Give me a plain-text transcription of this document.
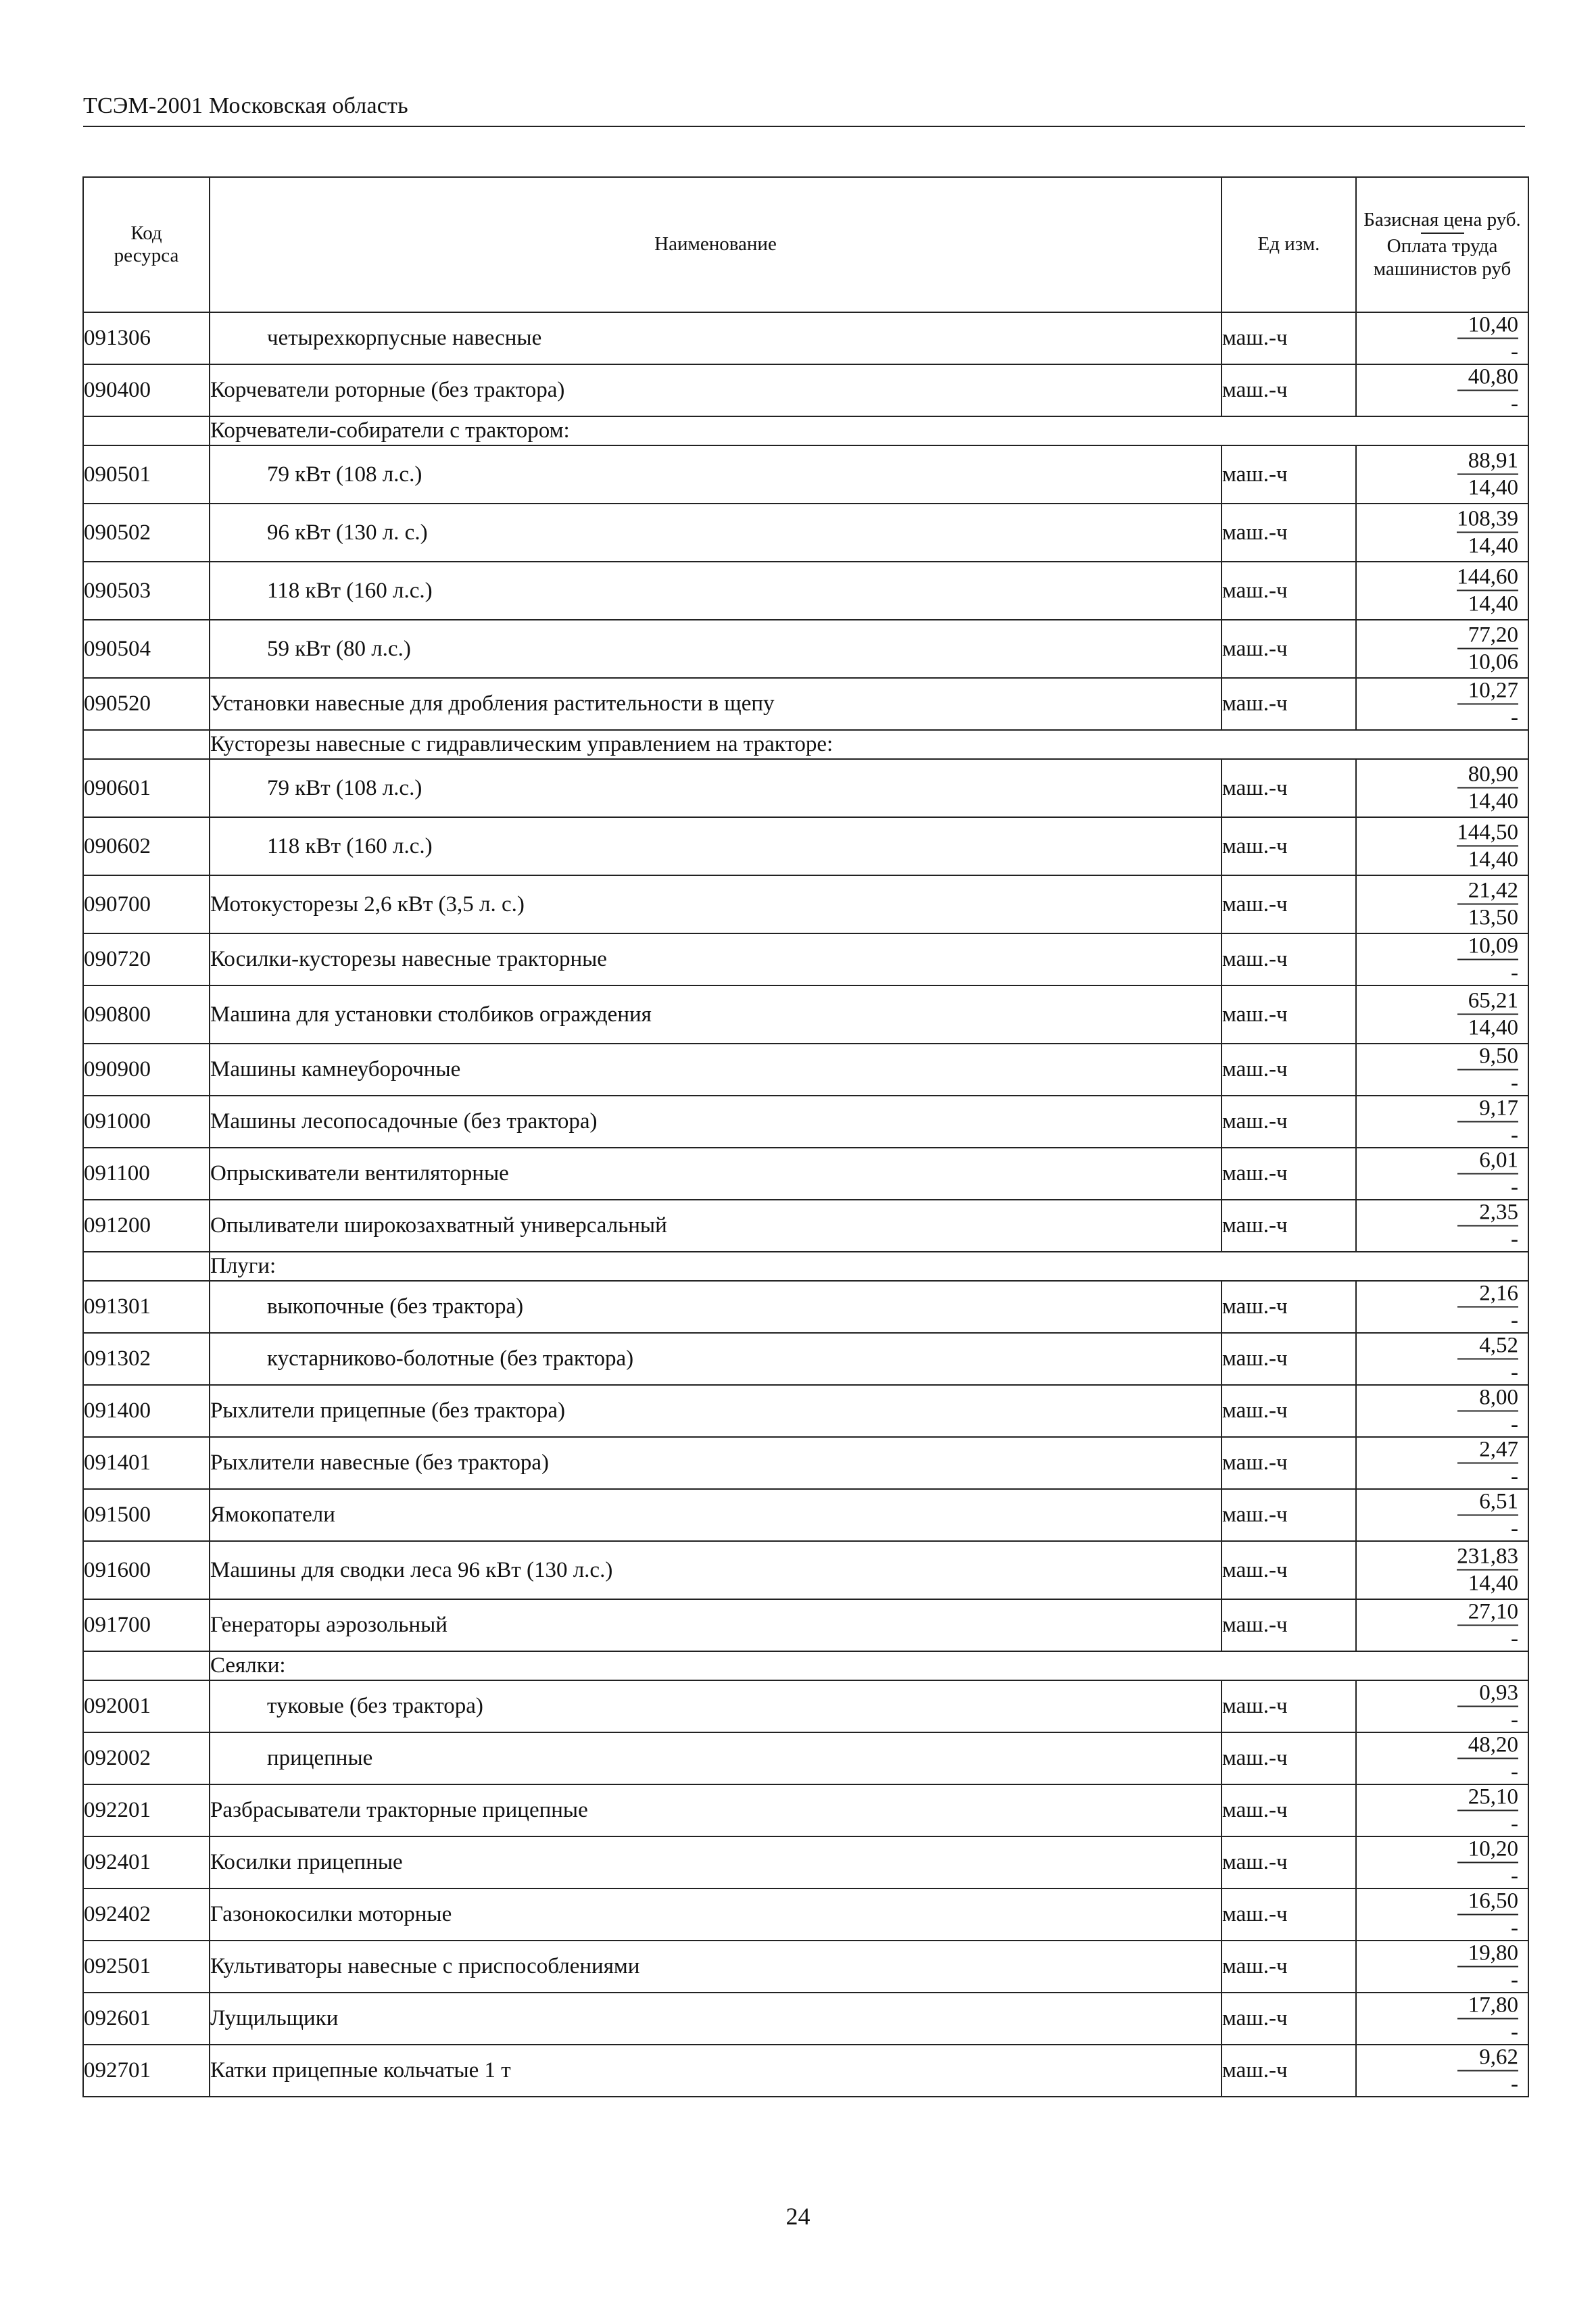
ТСЭМ-2001 Московская область
Код ресурса	Наименование	Ед изм.	Базисная цена руб.
Оплата труда машинистов руб

091306	четырехкорпусные навесные	маш.-ч	10,40
-

090400	Корчеватели роторные (без трактора)	маш.-ч	40,80
-

	Корчеватели-собиратели с трактором:		
090501	79 кВт (108 л.с.)	маш.-ч	$\frac{88,91}{14,40}$

090502	96 кВт (130 л. с.)	маш.-ч	$\frac{108,39}{14,40}$

090503	118 кВт (160 л.с.)	маш.-ч	$\frac{144,60}{14,40}$

090504	59 кВт (80 л.с.)	маш.-ч	$\frac{77,20}{10,06}$

090520	Установки навесные для дробления растительности в щепу	маш.-ч	10,27
-

	Кусторезы навесные с гидравлическим управлением на тракторе:		
090601	79 кВт (108 л.с.)	маш.-ч	$\frac{80,90}{14,40}$

090602	118 кВт (160 л.с.)	маш.-ч	$\frac{144,50}{14,40}$

090700	Мотокусторезы 2,6 кВт (3,5 л. с.)	маш.-ч	$\frac{21,42}{13,50}$

090720	Косилки-кусторезы навесные тракторные	маш.-ч	10,09
-

090800	Машина для установки столбиков ограждения	маш.-ч	$\frac{65,21}{14,40}$

090900	Машины камнеуборочные	маш.-ч	9,50
-

091000	Машины лесопосадочные (без трактора)	маш.-ч	9,17
-

091100	Опрыскиватели вентиляторные	маш.-ч	6,01
-

091200	Опыливатели широкозахватный универсальный	маш.-ч	2,35
-

	Плуги:		
091301	выкопочные (без трактора)	маш.-ч	2,16
-

091302	кустарниково-болотные (без трактора)	маш.-ч	4,52
-

091400	Рыхлители прицепные (без трактора)	маш.-ч	8,00
-

091401	Рыхлители навесные (без трактора)	маш.-ч	2,47
-

091500	Ямокопатели	маш.-ч	6,51
-

091600	Машины для сводки леса 96 кВт (130 л.с.)	маш.-ч	$\frac{231,83}{14,40}$

091700	Генераторы аэрозольный	маш.-ч	27,10
-

	Сеялки:		
092001	туковые (без трактора)	маш.-ч	0,93
-

092002	прицепные	маш.-ч	48,20
-

092201	Разбрасыватели тракторные прицепные	маш.-ч	25,10
-

092401	Косилки прицепные	маш.-ч	10,20
-

092402	Газонокосилки моторные	маш.-ч	16,50
-

092501	Культиваторы навесные с приспособлениями	маш.-ч	19,80
-

092601	Лущильщики	маш.-ч	17,80
-

092701	Катки прицепные кольчатые 1 т	маш.-ч	9,62
-
24
